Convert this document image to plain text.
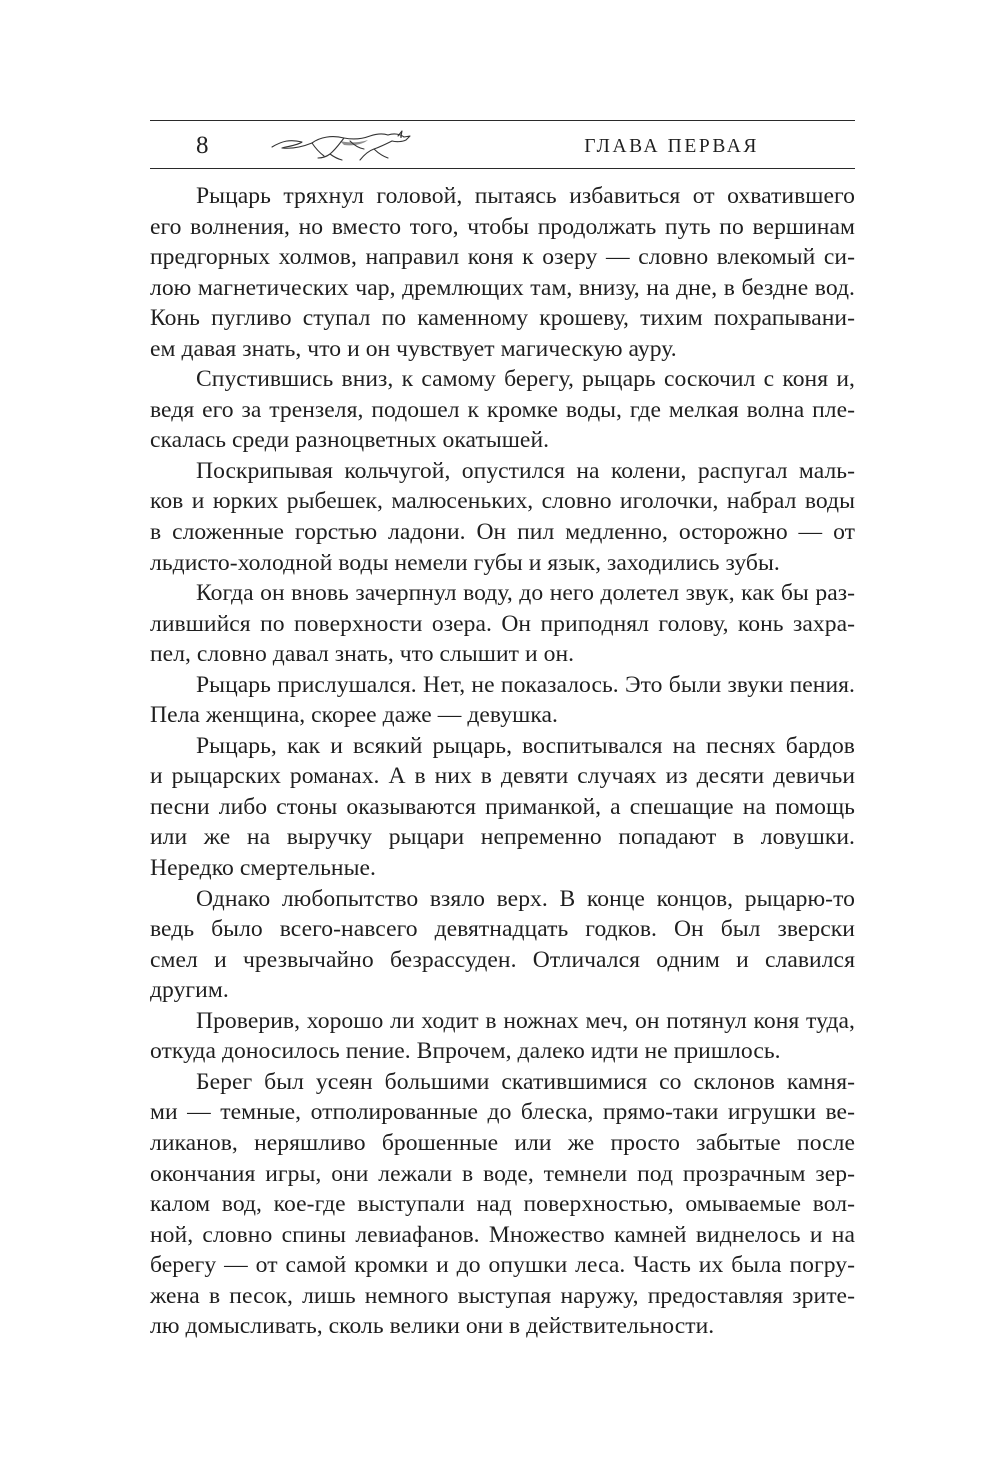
8	ГЛАВА ПЕРВАЯ

Рыцарь тряхнул головой, пытаясь избавиться от охватившего
его волнения, но вместо того, чтобы продолжать путь по вершинам
предгорных холмов, направил коня к озеру — словно влекомый си-
лою магнетических чар, дремлющих там, внизу, на дне, в бездне вод.
Конь пугливо ступал по каменному крошеву, тихим похрапывани-
ем давая знать, что и он чувствует магическую ауру.

Спустившись вниз, к самому берегу, рыцарь соскочил с коня и,
ведя его за трензеля, подошел к кромке воды, где мелкая волна пле-
скалась среди разноцветных окатышей.

Поскрипывая кольчугой, опустился на колени, распугал маль-
ков и юрких рыбешек, малюсеньких, словно иголочки, набрал воды
в сложенные горстью ладони. Он пил медленно, осторожно — от
льдисто-холодной воды немели губы и язык, заходились зубы.

Когда он вновь зачерпнул воду, до него долетел звук, как бы раз-
лившийся по поверхности озера. Он приподнял голову, конь захра-
пел, словно давал знать, что слышит и он.

Рыцарь прислушался. Нет, не показалось. Это были звуки пения.
Пела женщина, скорее даже — девушка.

Рыцарь, как и всякий рыцарь, воспитывался на песнях бардов
и рыцарских романах. А в них в девяти случаях из десяти девичьи
песни либо стоны оказываются приманкой, а спешащие на помощь
или же на выручку рыцари непременно попадают в ловушки.
Нередко смертельные.

Однако любопытство взяло верх. В конце концов, рыцарю-то
ведь было всего-навсего девятнадцать годков. Он был зверски
смел и чрезвычайно безрассуден. Отличался одним и славился
другим.

Проверив, хорошо ли ходит в ножнах меч, он потянул коня туда,
откуда доносилось пение. Впрочем, далеко идти не пришлось.

Берег был усеян большими скатившимися со склонов камня-
ми — темные, отполированные до блеска, прямо-таки игрушки ве-
ликанов, неряшливо брошенные или же просто забытые после
окончания игры, они лежали в воде, темнели под прозрачным зер-
калом вод, кое-где выступали над поверхностью, омываемые вол-
ной, словно спины левиафанов. Множество камней виднелось и на
берегу — от самой кромки и до опушки леса. Часть их была погру-
жена в песок, лишь немного выступая наружу, предоставляя зрите-
лю домысливать, сколь велики они в действительности.
